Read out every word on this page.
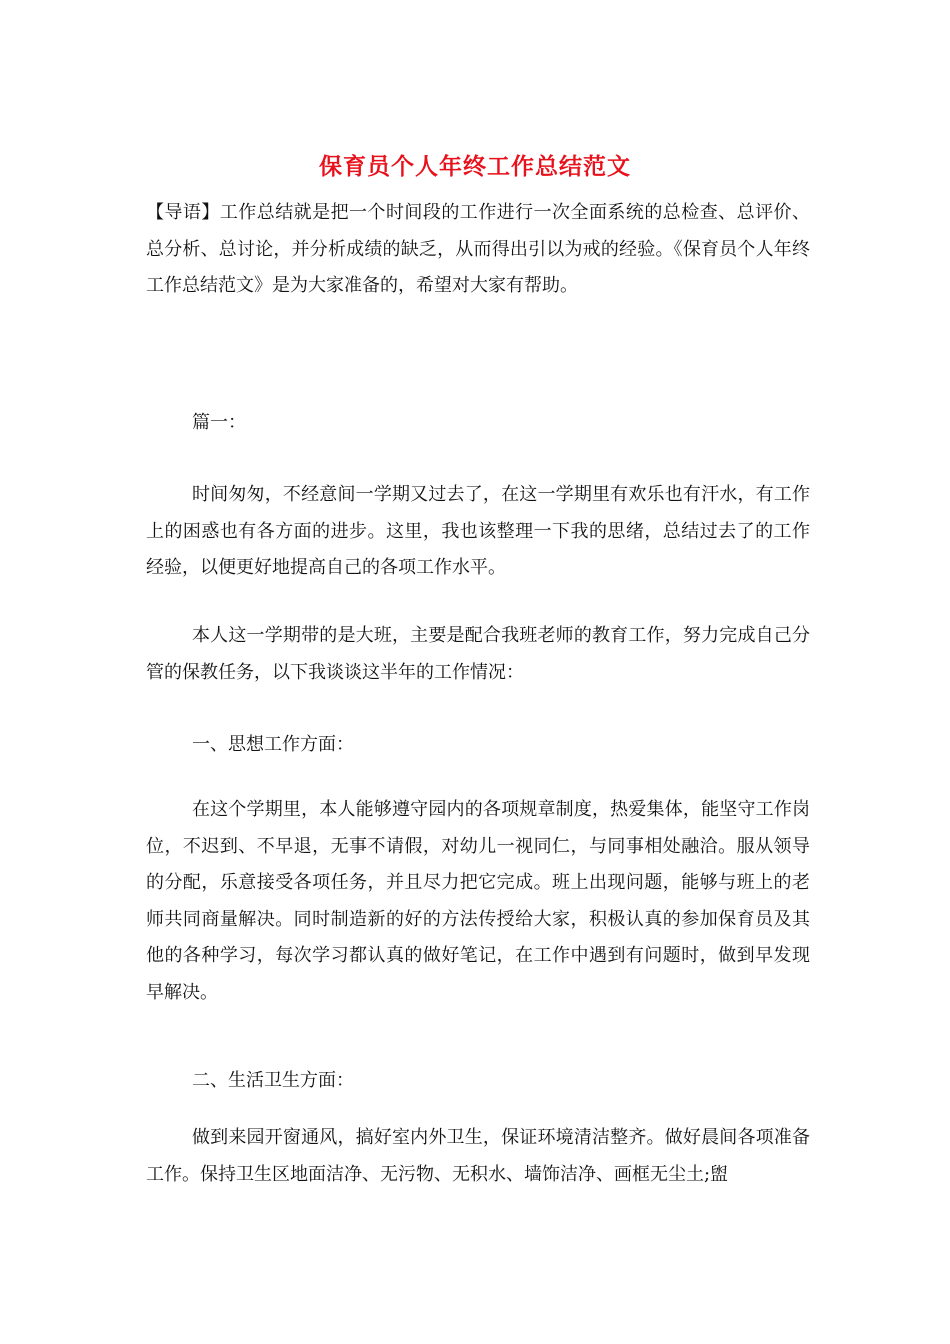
保育员个人年终工作总结范文

【导语】工作总结就是把一个时间段的工作进行一次全面系统的总检查、总评价、总分析、总讨论，并分析成绩的缺乏，从而得出引以为戒的经验。《保育员个人年终工作总结范文》是为大家准备的，希望对大家有帮助。

篇一：

时间匆匆，不经意间一学期又过去了，在这一学期里有欢乐也有汗水，有工作上的困惑也有各方面的进步。这里，我也该整理一下我的思绪，总结过去了的工作经验，以便更好地提高自己的各项工作水平。

本人这一学期带的是大班，主要是配合我班老师的教育工作，努力完成自己分管的保教任务，以下我谈谈这半年的工作情况：

一、思想工作方面：

在这个学期里，本人能够遵守园内的各项规章制度，热爱集体，能坚守工作岗位，不迟到、不早退，无事不请假，对幼儿一视同仁，与同事相处融洽。服从领导的分配，乐意接受各项任务，并且尽力把它完成。班上出现问题，能够与班上的老师共同商量解决。同时制造新的好的方法传授给大家，积极认真的参加保育员及其他的各种学习，每次学习都认真的做好笔记，在工作中遇到有问题时，做到早发现早解决。

二、生活卫生方面：

做到来园开窗通风，搞好室内外卫生，保证环境清洁整齐。做好晨间各项准备工作。保持卫生区地面洁净、无污物、无积水、墙饰洁净、画框无尘土;盥
